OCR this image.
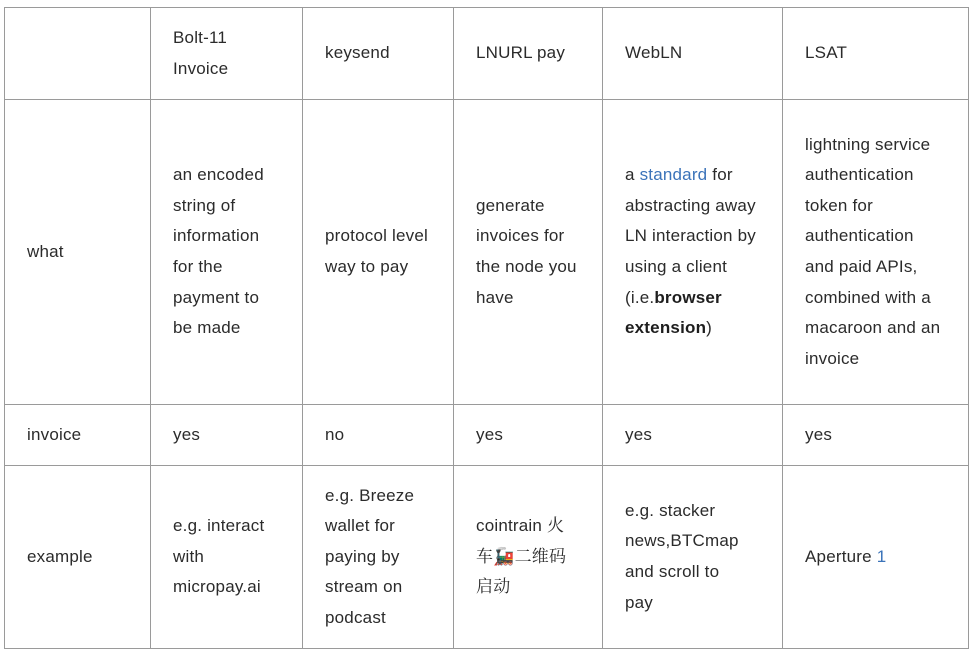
	Bolt-11 Invoice	keysend	LNURL pay	WebLN	LSAT
what	an encoded string of information for the payment to be made	protocol level way to pay	generate invoices for the node you have	a standard for abstracting away LN interaction by using a client (i.e.browser extension)	lightning service authentication token for authentication and paid APIs, combined with a macaroon and an invoice
invoice	yes	no	yes	yes	yes
example	e.g. interact with micropay.ai	e.g. Breeze wallet for paying by stream on podcast	cointrain 火车🚂二维码启动	e.g. stacker news,BTCmap and scroll to pay	Aperture 1
